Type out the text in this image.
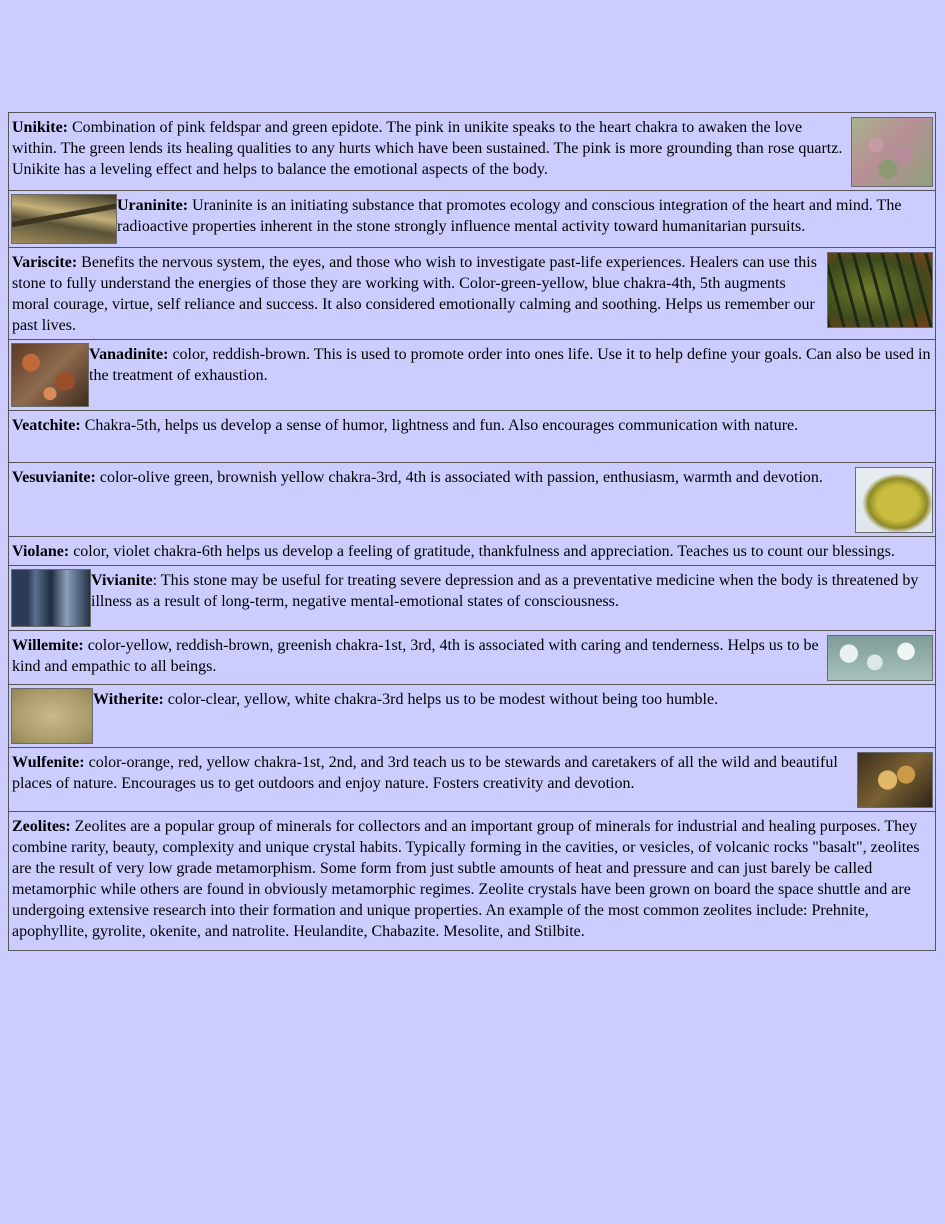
Unikite: Combination of pink feldspar and green epidote. The pink in unikite speaks to the heart chakra to awaken the love within. The green lends its healing qualities to any hurts which have been sustained. The pink is more grounding than rose quartz. Unikite has a leveling effect and helps to balance the emotional aspects of the body.

Uraninite: Uraninite is an initiating substance that promotes ecology and conscious integration of the heart and mind. The radioactive properties inherent in the stone strongly influence mental activity toward humanitarian pursuits.

Variscite: Benefits the nervous system, the eyes, and those who wish to investigate past-life experiences. Healers can use this stone to fully understand the energies of those they are working with. Color-green-yellow, blue chakra-4th, 5th augments moral courage, virtue, self reliance and success. It also considered emotionally calming and soothing. Helps us remember our past lives.

Vanadinite: color, reddish-brown. This is used to promote order into ones life. Use it to help define your goals. Can also be used in the treatment of exhaustion.
Veatchite: Chakra-5th, helps us develop a sense of humor, lightness and fun. Also encourages communication with nature.

Vesuvianite: color-olive green, brownish yellow chakra-3rd, 4th is associated with passion, enthusiasm, warmth and devotion.
Violane: color, violet chakra-6th helps us develop a feeling of gratitude, thankfulness and appreciation. Teaches us to count our blessings.

Vivianite: This stone may be useful for treating severe depression and as a preventative medicine when the body is threatened by illness as a result of long-term, negative mental-emotional states of consciousness.

Willemite: color-yellow, reddish-brown, greenish chakra-1st, 3rd, 4th is associated with caring and tenderness. Helps us to be kind and empathic to all beings.

Witherite: color-clear, yellow, white chakra-3rd helps us to be modest without being too humble.

Wulfenite: color-orange, red, yellow chakra-1st, 2nd, and 3rd teach us to be stewards and caretakers of all the wild and beautiful places of nature. Encourages us to get outdoors and enjoy nature. Fosters creativity and devotion.
Zeolites: Zeolites are a popular group of minerals for collectors and an important group of minerals for industrial and healing purposes. They combine rarity, beauty, complexity and unique crystal habits. Typically forming in the cavities, or vesicles, of volcanic rocks "basalt", zeolites are the result of very low grade metamorphism. Some form from just subtle amounts of heat and pressure and can just barely be called metamorphic while others are found in obviously metamorphic regimes. Zeolite crystals have been grown on board the space shuttle and are undergoing extensive research into their formation and unique properties. An example of the most common zeolites include: Prehnite, apophyllite, gyrolite, okenite, and natrolite. Heulandite, Chabazite. Mesolite, and Stilbite.
